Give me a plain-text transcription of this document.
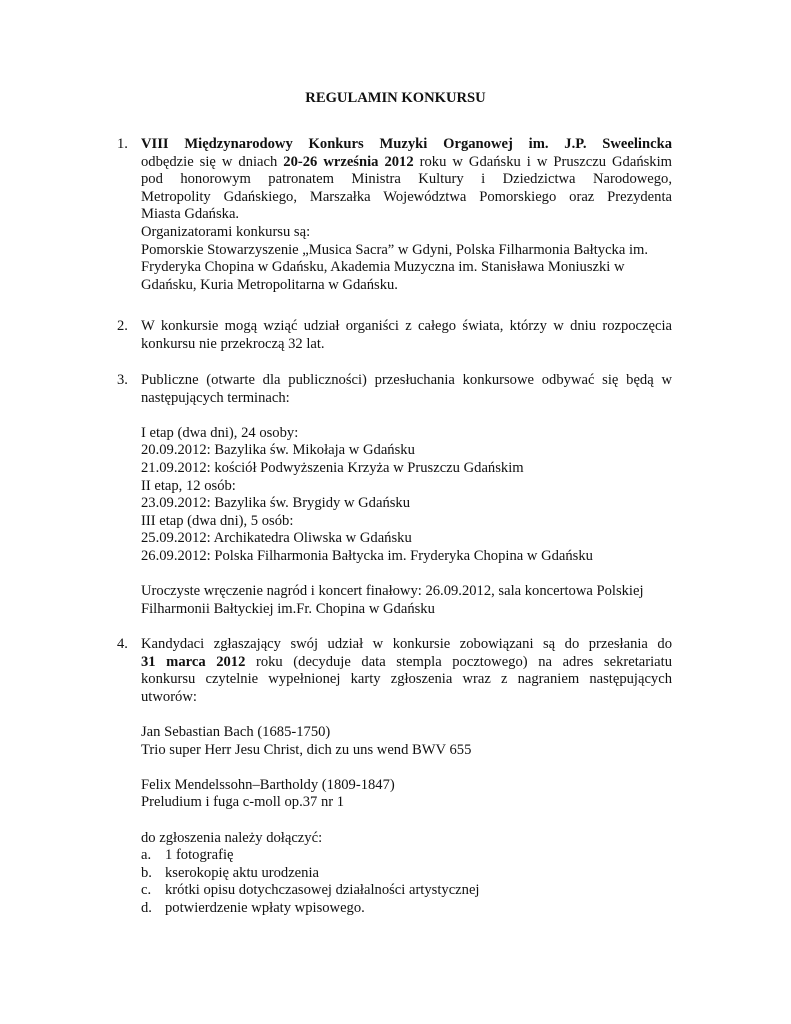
REGULAMIN KONKURSU
1. VIII Międzynarodowy Konkurs Muzyki Organowej im. J.P. Sweelincka
odbędzie się w dniach 20-26 września 2012 roku w Gdańsku i w Pruszczu Gdańskim
pod honorowym patronatem Ministra Kultury i Dziedzictwa Narodowego,
Metropolity Gdańskiego, Marszałka Województwa Pomorskiego oraz Prezydenta
Miasta Gdańska.
Organizatorami konkursu są:
Pomorskie Stowarzyszenie „Musica Sacra” w Gdyni, Polska Filharmonia Bałtycka im.
Fryderyka Chopina w Gdańsku, Akademia Muzyczna im. Stanisława Moniuszki w
Gdańsku, Kuria Metropolitarna w Gdańsku.
2. W konkursie mogą wziąć udział organiści z całego świata, którzy w dniu rozpoczęcia
konkursu nie przekroczą 32 lat.
3. Publiczne (otwarte dla publiczności) przesłuchania konkursowe odbywać się będą w
następujących terminach:
I etap (dwa dni), 24 osoby:
20.09.2012: Bazylika św. Mikołaja w Gdańsku
21.09.2012: kościół Podwyższenia Krzyża w Pruszczu Gdańskim
II etap, 12 osób:
23.09.2012: Bazylika św. Brygidy w Gdańsku
III etap (dwa dni), 5 osób:
25.09.2012: Archikatedra Oliwska w Gdańsku
26.09.2012: Polska Filharmonia Bałtycka im. Fryderyka Chopina w Gdańsku
Uroczyste wręczenie nagród i koncert finałowy: 26.09.2012, sala koncertowa Polskiej
Filharmonii Bałtyckiej im.Fr. Chopina w Gdańsku
4. Kandydaci zgłaszający swój udział w konkursie zobowiązani są do przesłania do
31 marca 2012 roku (decyduje data stempla pocztowego) na adres sekretariatu
konkursu czytelnie wypełnionej karty zgłoszenia wraz z nagraniem następujących
utworów:
Jan Sebastian Bach (1685-1750)
Trio super Herr Jesu Christ, dich zu uns wend BWV 655
Felix Mendelssohn–Bartholdy (1809-1847)
Preludium i fuga c-moll op.37 nr 1
do zgłoszenia należy dołączyć:
a. 1 fotografię
b. kserokopię aktu urodzenia
c. krótki opisu dotychczasowej działalności artystycznej
d. potwierdzenie wpłaty wpisowego.
